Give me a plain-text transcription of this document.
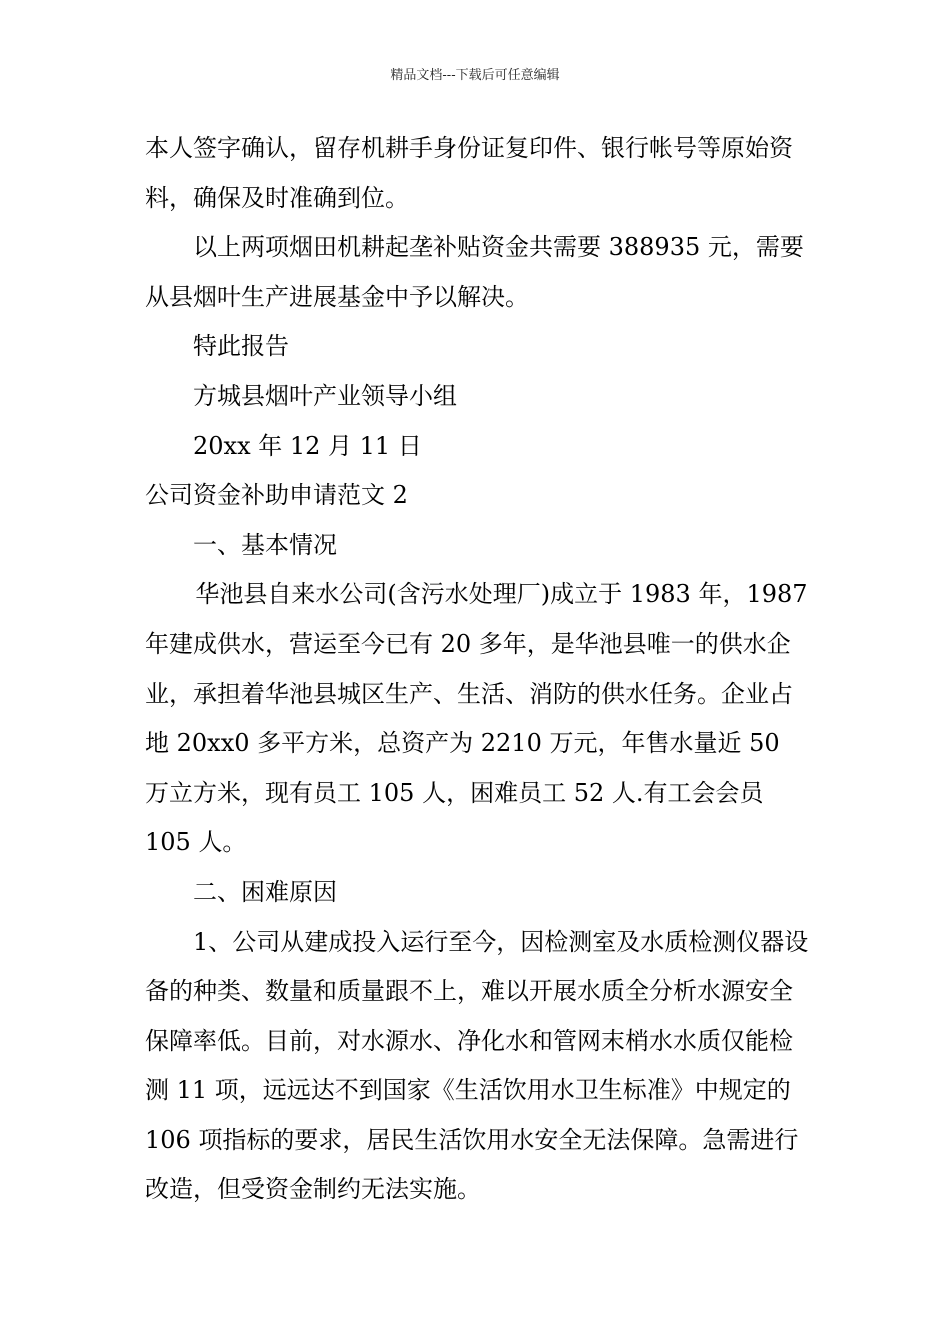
精品文档---下载后可任意编辑

本人签字确认，留存机耕手身份证复印件、银行帐号等原始资料，确保及时准确到位。

以上两项烟田机耕起垄补贴资金共需要 388935 元，需要从县烟叶生产进展基金中予以解决。

特此报告

方城县烟叶产业领导小组

20xx 年 12 月 11 日

公司资金补助申请范文 2

一、基本情况

华池县自来水公司(含污水处理厂)成立于 1983 年，1987 年建成供水，营运至今已有 20 多年，是华池县唯一的供水企业，承担着华池县城区生产、生活、消防的供水任务。企业占地 20xx0 多平方米，总资产为 2210 万元，年售水量近 50 万立方米，现有员工 105 人，困难员工 52 人.有工会会员 105 人。

二、困难原因

1、公司从建成投入运行至今，因检测室及水质检测仪器设备的种类、数量和质量跟不上，难以开展水质全分析水源安全保障率低。目前，对水源水、净化水和管网末梢水水质仅能检测 11 项，远远达不到国家《生活饮用水卫生标准》中规定的 106 项指标的要求，居民生活饮用水安全无法保障。急需进行改造，但受资金制约无法实施。
